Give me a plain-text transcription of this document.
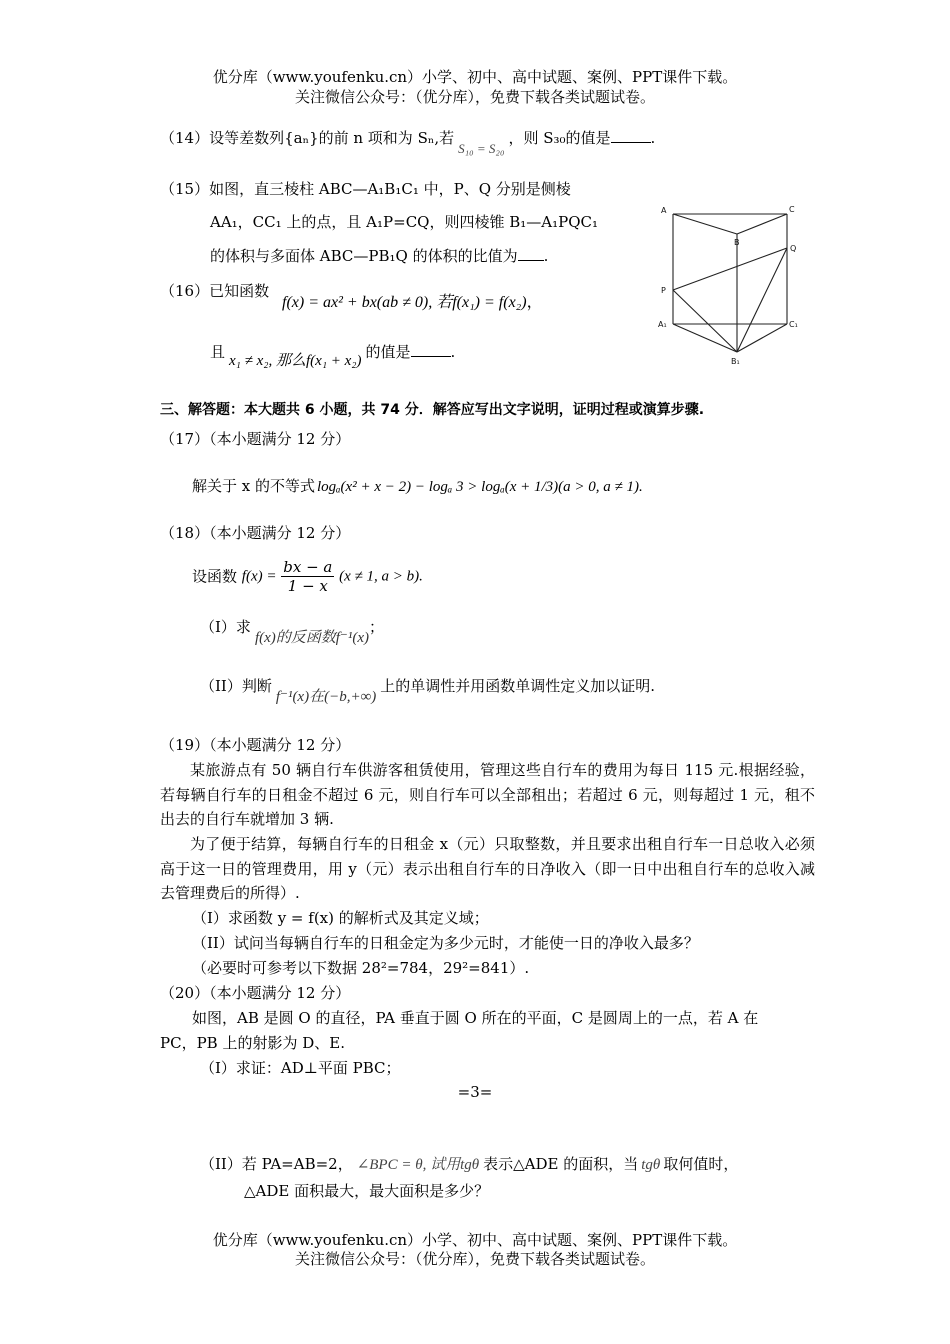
优分库（www.youfenku.cn）小学、初中、高中试题、案例、PPT课件下载。
关注微信公众号：（优分库），免费下载各类试题试卷。
（14）设等差数列{aₙ}的前 n 项和为 Sₙ,若S₁₀ = S₂₀，则 S₃₀的值是	.
（15）如图，直三棱柱 ABC—A₁B₁C₁ 中，P、Q 分别是侧棱
AA₁，CC₁ 上的点，且 A₁P=CQ，则四棱锥 B₁—A₁PQC₁
的体积与多面体 ABC—PB₁Q 的体积的比值为 .
（16）已知函数
f(x) = ax² + bx(ab ≠ 0), 若f(x₁) = f(x₂)，
且 x₁ ≠ x₂, 那么f(x₁ + x₂) 的值是	.
A	C
B
Q
P
A₁	C₁
B₁
三、解答题：本大题共 6 小题，共 74 分．解答应写出文字说明，证明过程或演算步骤.
（17）（本小题满分 12 分）
解关于 x 的不等式 logₐ(x² + x − 2) − logₐ 3 > logₐ(x + 1/3)(a > 0, a ≠ 1).
（18）（本小题满分 12 分）
设函数 $f(x) = \frac{bx - a}{1 - x} (x \ne 1$, a > b).
（I）求f(x)的反函数f⁻¹(x)；
（II）判断f⁻¹(x)在(−b,+∞)上的单调性并用函数单调性定义加以证明.
（19）（本小题满分 12 分）
某旅游点有 50 辆自行车供游客租赁使用，管理这些自行车的费用为每日 115 元.根据经验，若每辆自行车的日租金不超过 6 元，则自行车可以全部租出；若超过 6 元，则每超过 1 元，租不出去的自行车就增加 3 辆.
为了便于结算，每辆自行车的日租金 x（元）只取整数，并且要求出租自行车一日总收入必须高于这一日的管理费用，用 y（元）表示出租自行车的日净收入（即一日中出租自行车的总收入减去管理费后的所得）.
（I）求函数 y = f(x) 的解析式及其定义域；
（II）试问当每辆自行车的日租金定为多少元时，才能使一日的净收入最多？
（必要时可参考以下数据 28²=784，29²=841）.
（20）（本小题满分 12 分）
如图，AB 是圆 O 的直径，PA 垂直于圆 O 所在的平面，C 是圆周上的一点，若 A 在
PC，PB 上的射影为 D、E.
（I）求证：AD⊥平面 PBC；
=3=
（II）若 PA=AB=2， ∠BPC = θ, 试用tgθ 表示△ADE 的面积，当 tgθ 取何值时，
△ADE 面积最大，最大面积是多少？
优分库（www.youfenku.cn）小学、初中、高中试题、案例、PPT课件下载。
关注微信公众号：（优分库），免费下载各类试题试卷。
